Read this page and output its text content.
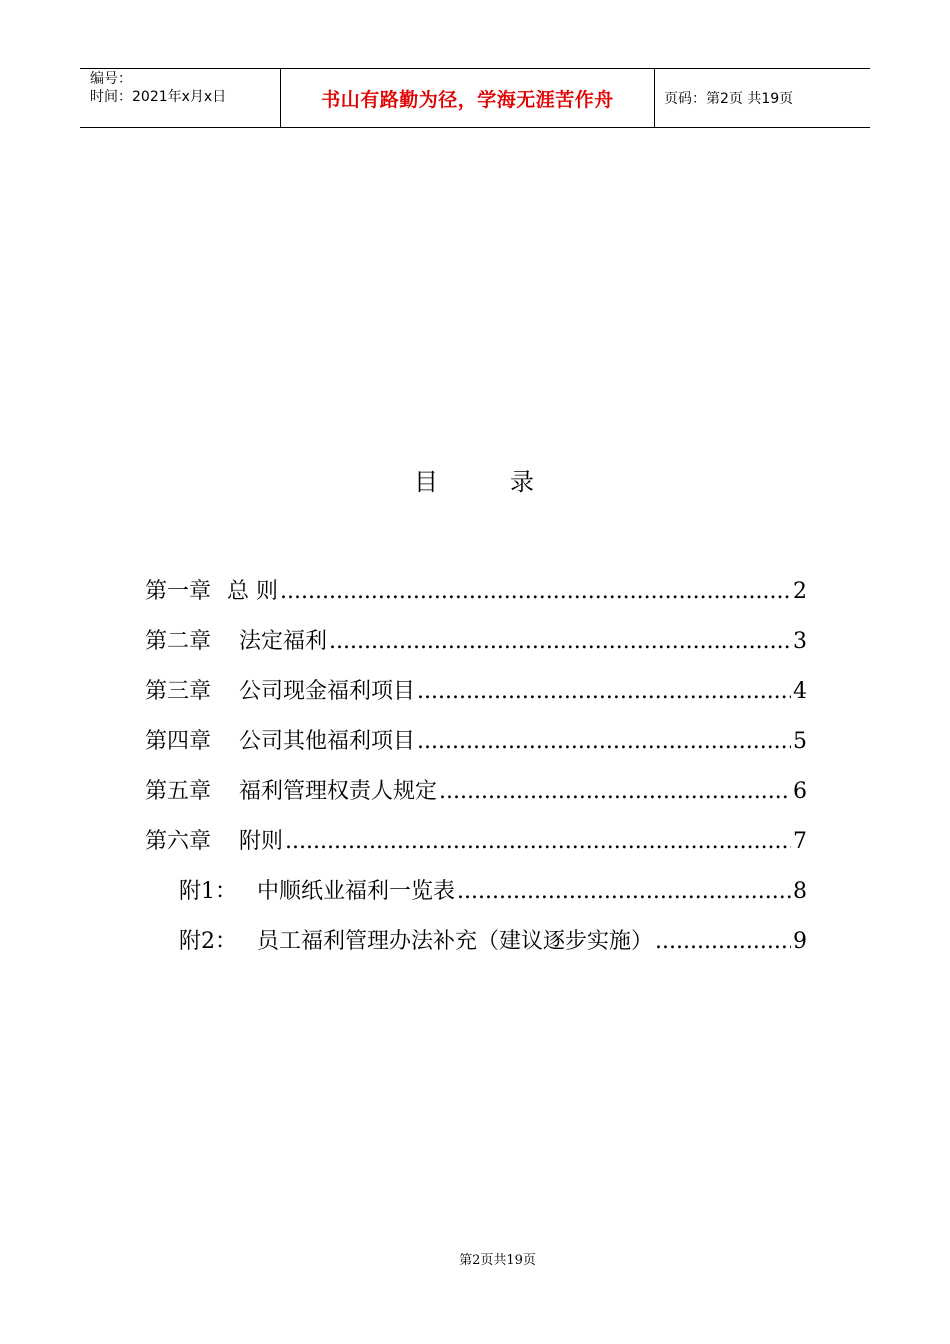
编号：
时间：2021年x月x日	书山有路勤为径，学海无涯苦作舟	页码：第2页 共19页
目	录
第一章 总 则 .....	2
第二章 法定福利 .....	3
第三章 公司现金福利项目 .....	4
第四章 公司其他福利项目 .....	5
第五章 福利管理权责人规定 .....	6
第六章 附则 .....	7
附1： 中顺纸业福利一览表 .....	8
附2： 员工福利管理办法补充（建议逐步实施） .....	9
第2页共19页
